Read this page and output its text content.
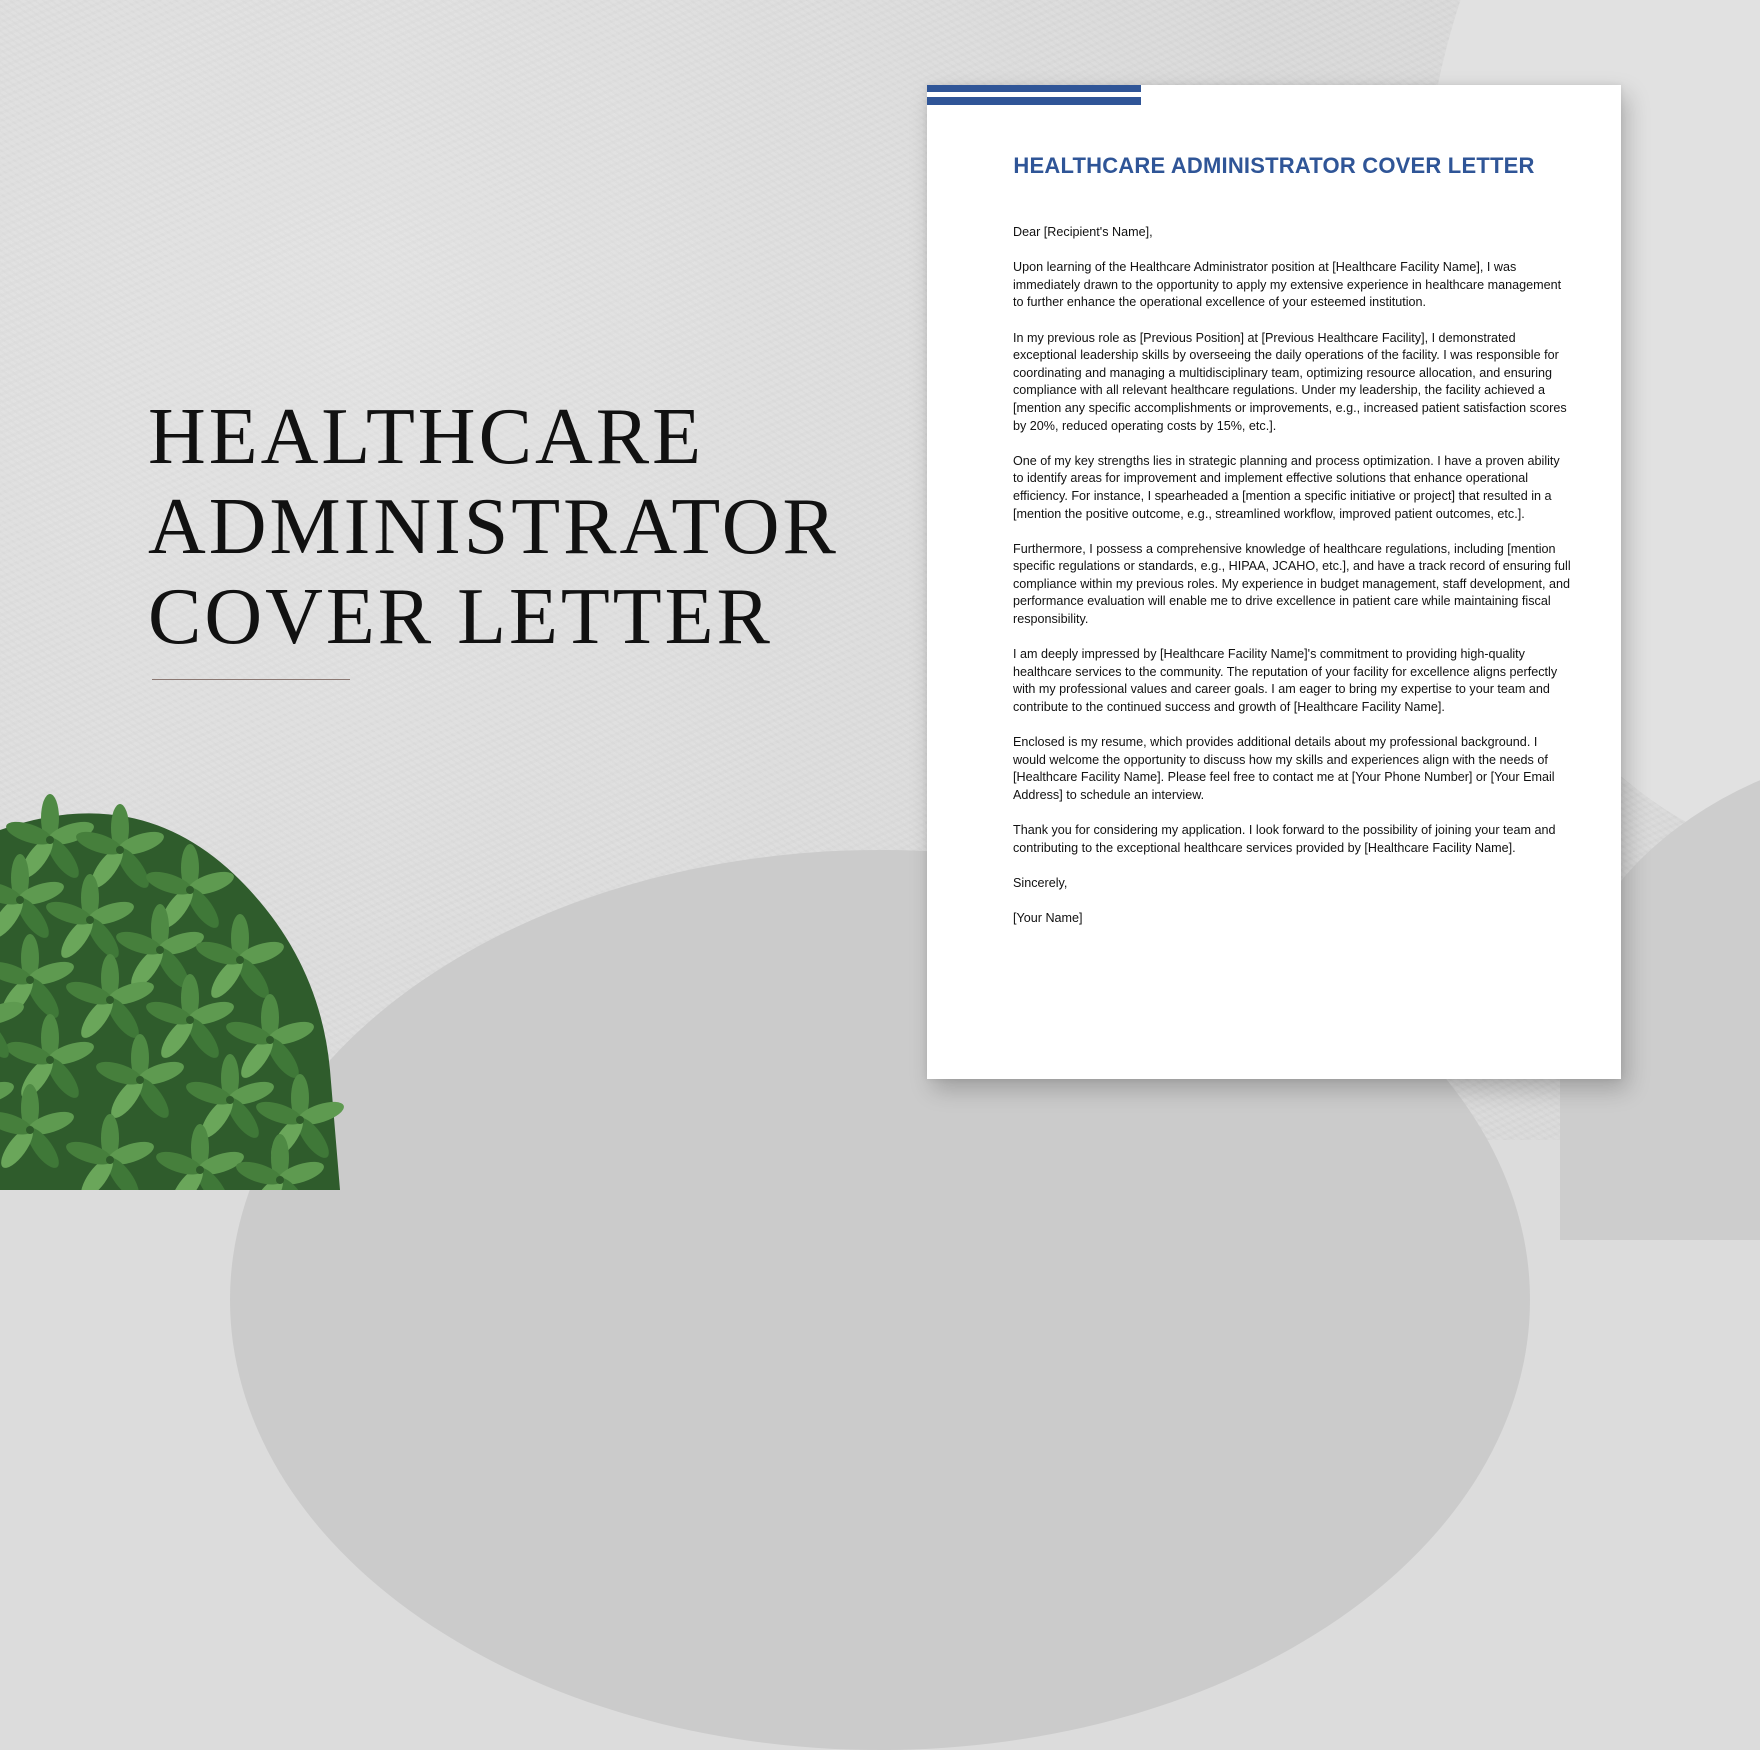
HEALTHCARE
ADMINISTRATOR
COVER LETTER
HEALTHCARE ADMINISTRATOR COVER LETTER

Dear [Recipient's Name],

Upon learning of the Healthcare Administrator position at [Healthcare Facility Name], I was immediately drawn to the opportunity to apply my extensive experience in healthcare management to further enhance the operational excellence of your esteemed institution.

In my previous role as [Previous Position] at [Previous Healthcare Facility], I demonstrated exceptional leadership skills by overseeing the daily operations of the facility. I was responsible for coordinating and managing a multidisciplinary team, optimizing resource allocation, and ensuring compliance with all relevant healthcare regulations. Under my leadership, the facility achieved a [mention any specific accomplishments or improvements, e.g., increased patient satisfaction scores by 20%, reduced operating costs by 15%, etc.].

One of my key strengths lies in strategic planning and process optimization. I have a proven ability to identify areas for improvement and implement effective solutions that enhance operational efficiency. For instance, I spearheaded a [mention a specific initiative or project] that resulted in a [mention the positive outcome, e.g., streamlined workflow, improved patient outcomes, etc.].

Furthermore, I possess a comprehensive knowledge of healthcare regulations, including [mention specific regulations or standards, e.g., HIPAA, JCAHO, etc.], and have a track record of ensuring full compliance within my previous roles. My experience in budget management, staff development, and performance evaluation will enable me to drive excellence in patient care while maintaining fiscal responsibility.

I am deeply impressed by [Healthcare Facility Name]'s commitment to providing high-quality healthcare services to the community. The reputation of your facility for excellence aligns perfectly with my professional values and career goals. I am eager to bring my expertise to your team and contribute to the continued success and growth of [Healthcare Facility Name].

Enclosed is my resume, which provides additional details about my professional background. I would welcome the opportunity to discuss how my skills and experiences align with the needs of [Healthcare Facility Name]. Please feel free to contact me at [Your Phone Number] or [Your Email Address] to schedule an interview.

Thank you for considering my application. I look forward to the possibility of joining your team and contributing to the exceptional healthcare services provided by [Healthcare Facility Name].

Sincerely,

[Your Name]
